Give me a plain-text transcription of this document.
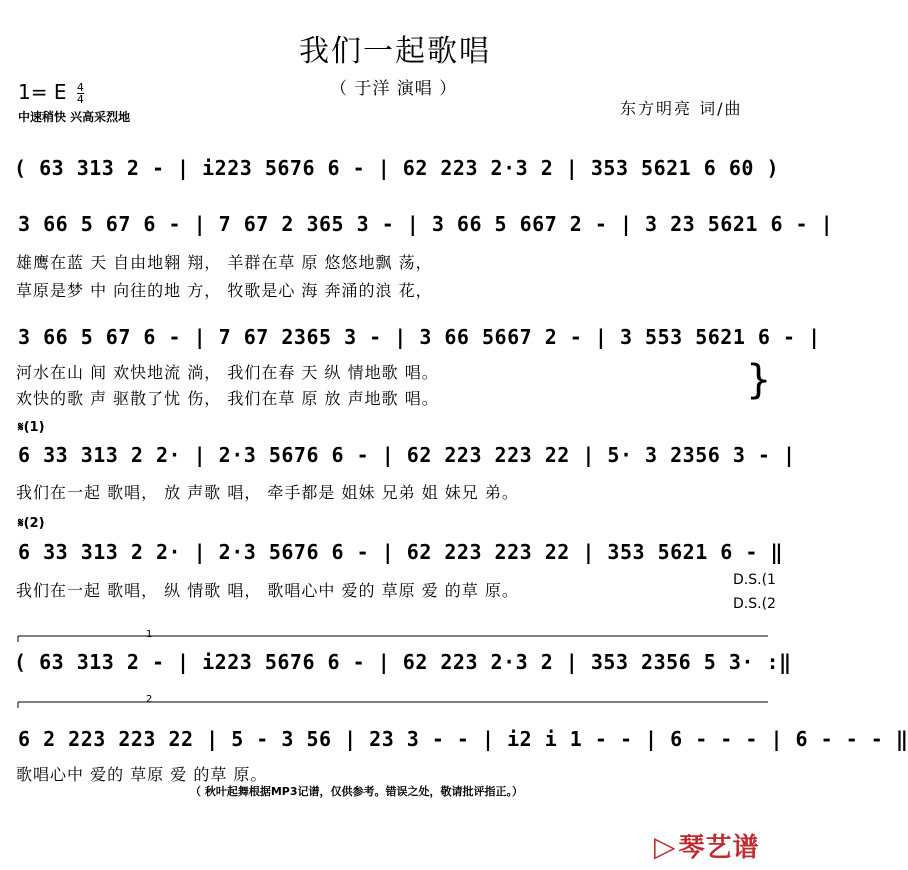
我们一起歌唱
（ 于洋 演唱 ）
1= E $\frac{4}{4}$
中速稍快 兴高采烈地	东方明亮 词/曲
( 63 313 2 - | i223 5676 6 - | 62 223 2·3 2 | 353 5621 6 60 )
3 66 5 67 6 - | 7 67 2 365 3 - | 3 66 5 667 2 - | 3 23 5621 6 - |
雄鹰在蓝 天 自由地翱 翔， 羊群在草 原 悠悠地飘 荡，
草原是梦 中 向往的地 方， 牧歌是心 海 奔涌的浪 花，
3 66 5 67 6 - | 7 67 2365 3 - | 3 66 5667 2 - | 3 553 5621 6 - |
河水在山 间 欢快地流 淌， 我们在春 天 纵 情地歌 唱。
欢快的歌 声 驱散了忧 伤， 我们在草 原 放 声地歌 唱。	}
𝄋(1)
6 33 313 2 2· | 2·3 5676 6 - | 62 223 223 22 | 5· 3 2356 3 - |
我们在一起 歌唱， 放 声歌 唱， 牵手都是 姐妹 兄弟 姐 妹兄 弟。
𝄋(2)
6 33 313 2 2· | 2·3 5676 6 - | 62 223 223 22 | 353 5621 6 - ‖
我们在一起 歌唱， 纵 情歌 唱， 歌唱心中 爱的 草原 爱 的草 原。
D.S.(1
D.S.(2
1
( 63 313 2 - | i223 5676 6 - | 62 223 2·3 2 | 353 2356 5 3· :‖
2
6 2 223 223 22 | 5 - 3 56 | 23 3 - - | i2 i 1 - - | 6 - - - | 6 - - - ‖
歌唱心中 爱的 草原 爱 的草 原。
（ 秋叶起舞根据MP3记谱，仅供参考。错误之处，敬请批评指正。）
▷琴艺谱
